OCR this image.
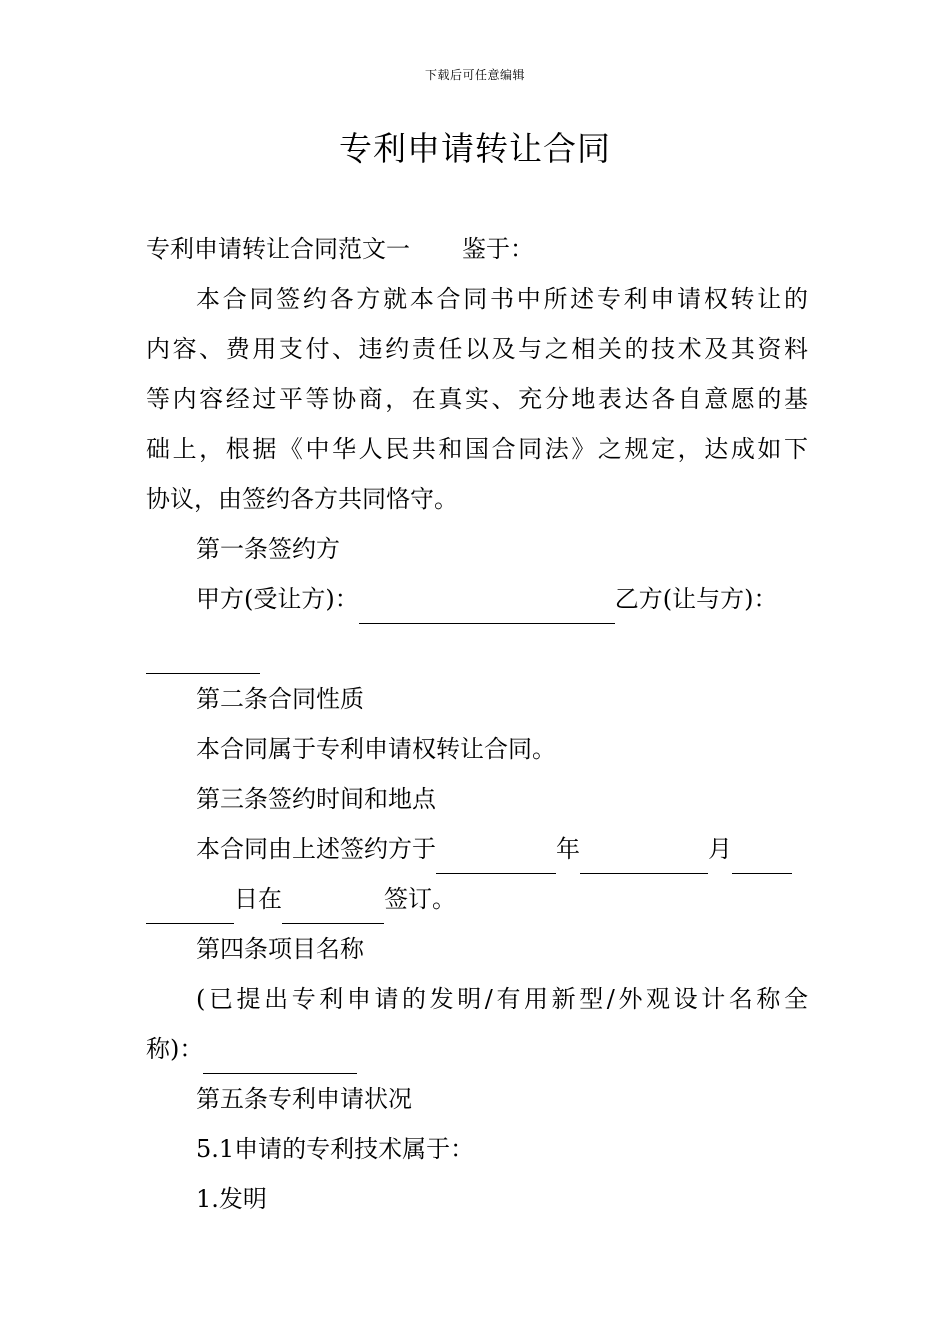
下载后可任意编辑
专利申请转让合同
专利申请转让合同范文一 鉴于：
本合同签约各方就本合同书中所述专利申请权转让的
内容、费用支付、违约责任以及与之相关的技术及其资料
等内容经过平等协商，在真实、充分地表达各自意愿的基
础上，根据《中华人民共和国合同法》之规定，达成如下
协议，由签约各方共同恪守。
第一条签约方
甲方(受让方)：	乙方(让与方)：
第二条合同性质
本合同属于专利申请权转让合同。
第三条签约时间和地点
本合同由上述签约方于	年	月
日在	签订。
第四条项目名称
(已提出专利申请的发明/有用新型/外观设计名称全
称)：
第五条专利申请状况
5.1申请的专利技术属于：
1.发明
